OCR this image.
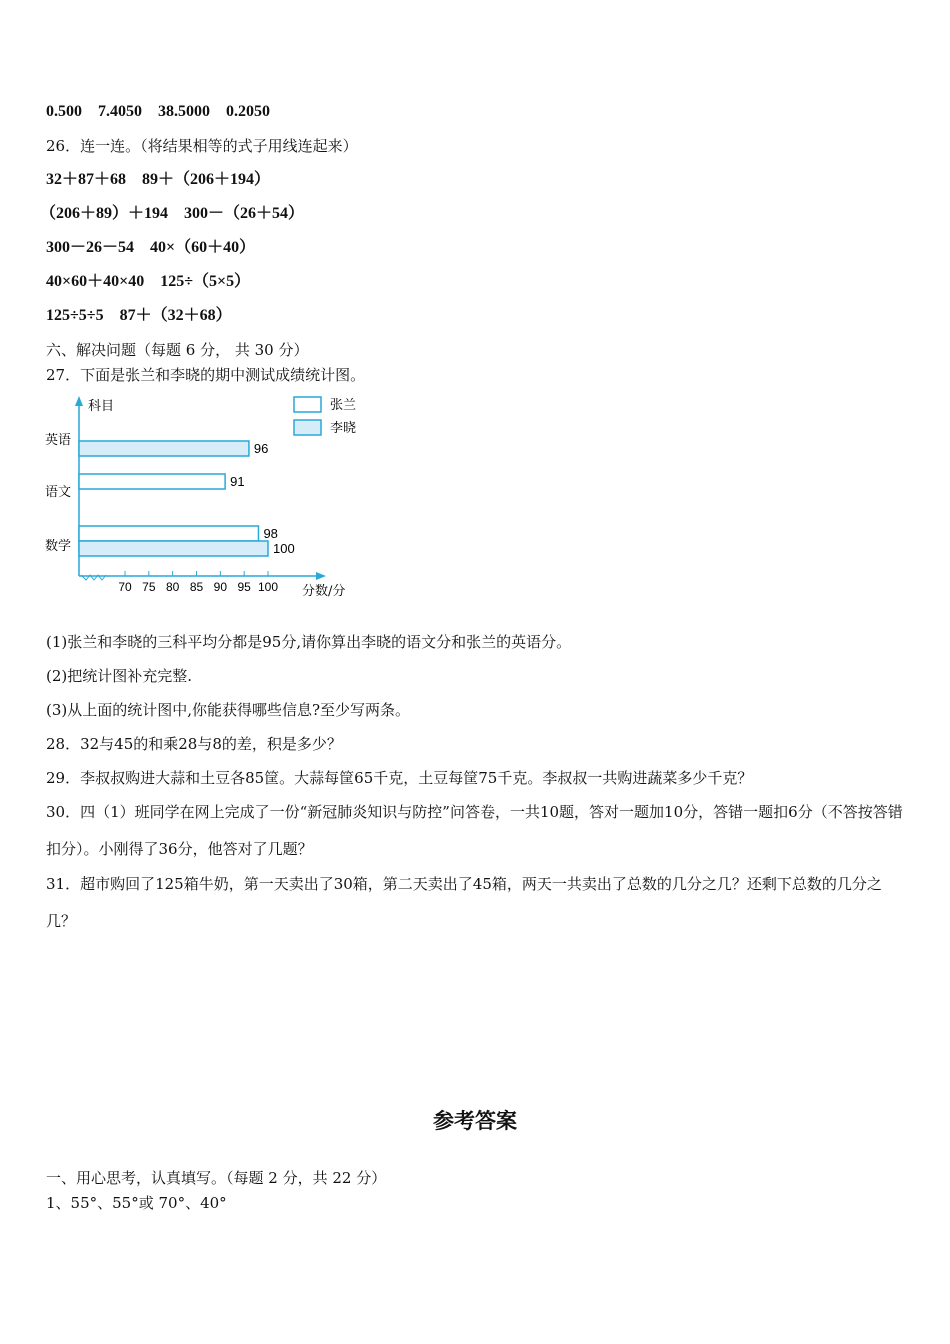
0.500　7.4050　38.5000　0.2050
26．连一连。（将结果相等的式子用线连起来）
32＋87＋68　89＋（206＋194）
（206＋89）＋194　300－（26＋54）
300－26－54　40×（60＋40）
40×60＋40×40　125÷（5×5）
125÷5÷5　87＋（32＋68）
六、解决问题（每题 6 分， 共 30 分）
27．下面是张兰和李晓的期中测试成绩统计图。
科目
分数/分
70 75 80 85 90 95 100
英语
语文
数学
91
98
张兰
96
100
李晓
(1)张兰和李晓的三科平均分都是95分,请你算出李晓的语文分和张兰的英语分。
(2)把统计图补充完整.
(3)从上面的统计图中,你能获得哪些信息?至少写两条。
28．32与45的和乘28与8的差，积是多少？
29．李叔叔购进大蒜和土豆各85筐。大蒜每筐65千克，土豆每筐75千克。李叔叔一共购进蔬菜多少千克？
30．四（1）班同学在网上完成了一份“新冠肺炎知识与防控”问答卷，一共10题，答对一题加10分，答错一题扣6分（不答按答错扣分）。小刚得了36分，他答对了几题？
31．超市购回了125箱牛奶，第一天卖出了30箱，第二天卖出了45箱，两天一共卖出了总数的几分之几？还剩下总数的几分之几？
参考答案
一、用心思考，认真填写。（每题 2 分，共 22 分）
1、55°、55°或 70°、40°
